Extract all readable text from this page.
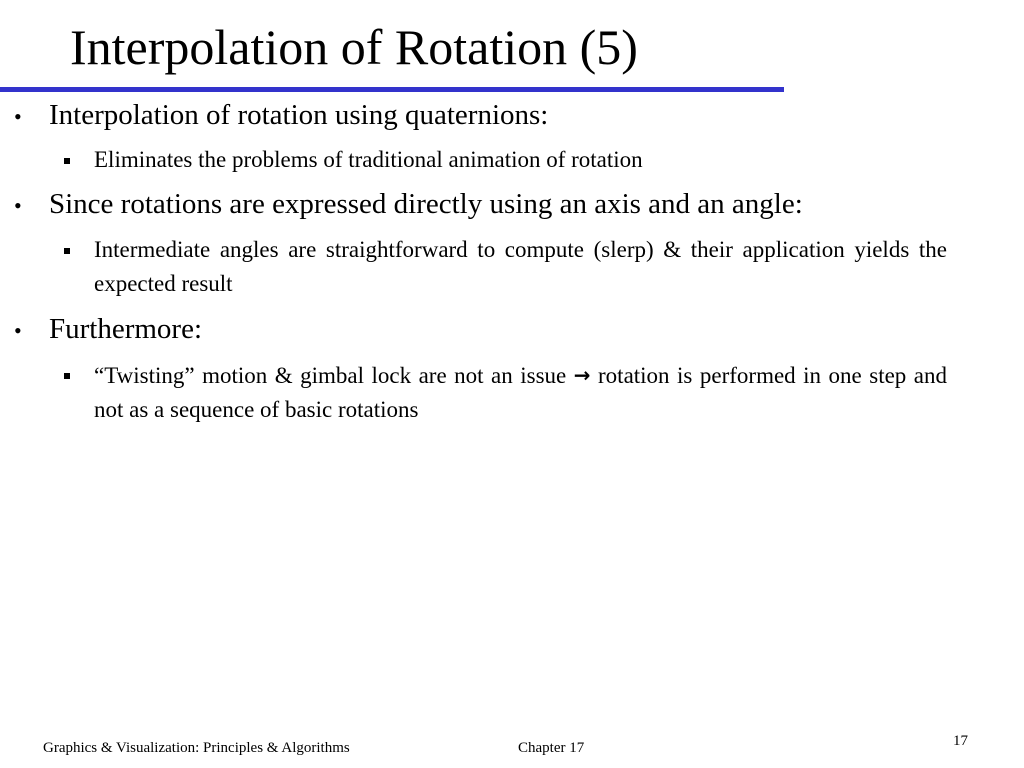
Interpolation of Rotation (5)
• Interpolation of rotation using quaternions:
Eliminates the problems of traditional animation of rotation
• Since rotations are expressed directly using an axis and an angle:
Intermediate angles are straightforward to compute (slerp) & their application yields the expected result
• Furthermore:
“Twisting” motion & gimbal lock are not an issue → rotation is performed in one step and not as a sequence of basic rotations
Graphics & Visualization: Principles & Algorithms	Chapter 17	17
